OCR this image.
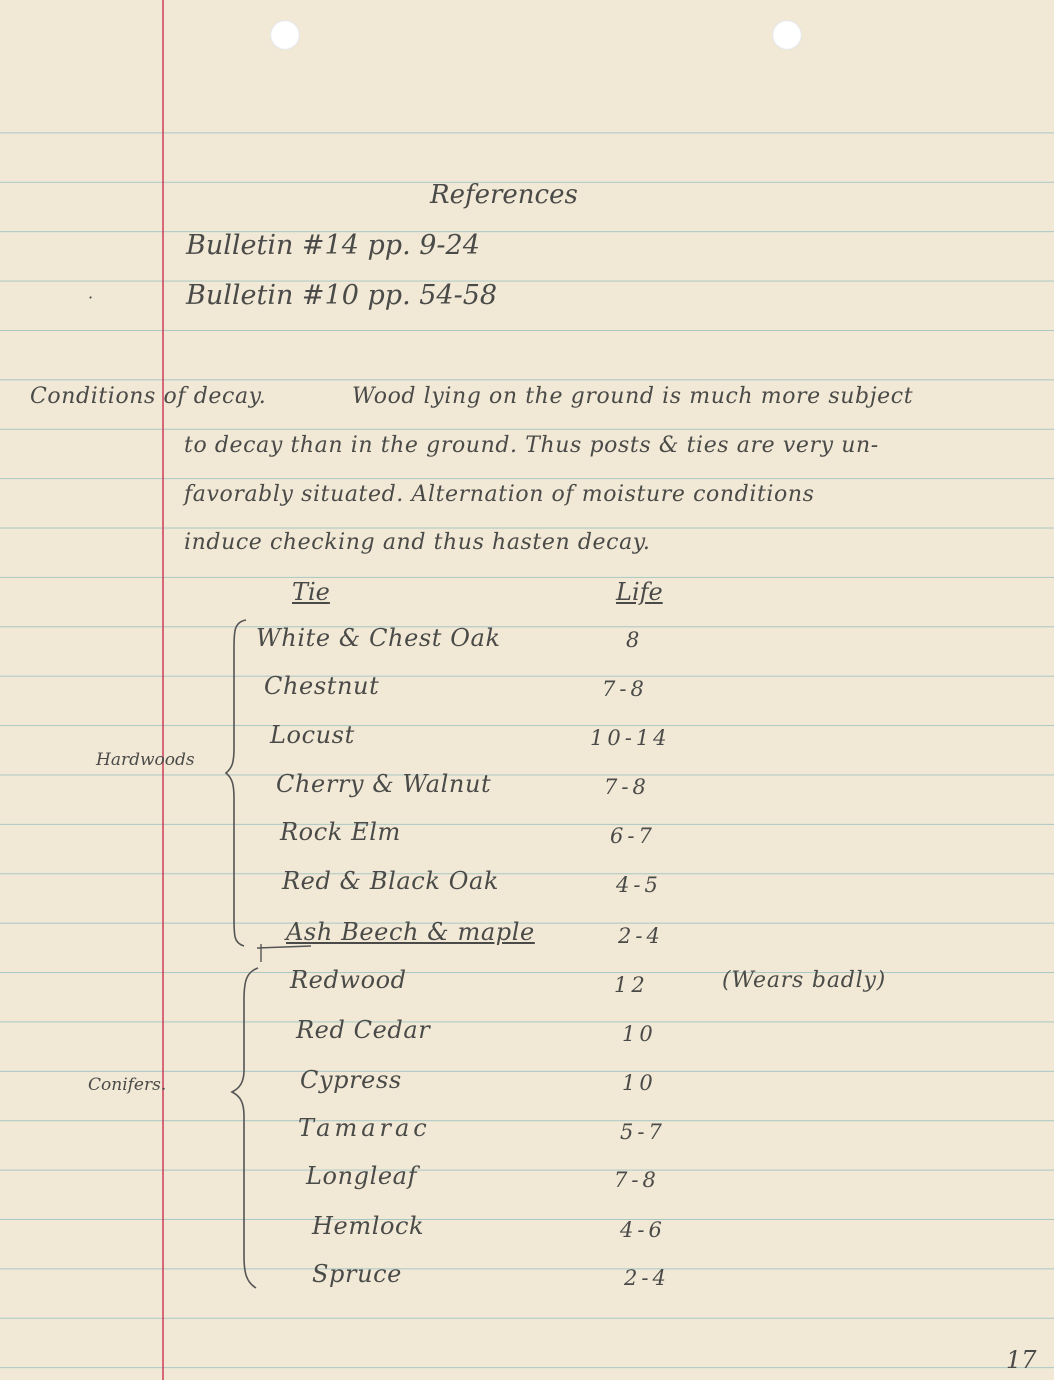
References
Bulletin #14 pp. 9-24
Bulletin #10 pp. 54-58
·
Conditions of decay.	Wood lying on the ground is much more subject
to decay than in the ground. Thus posts & ties are very un-
favorably situated. Alternation of moisture conditions
induce checking and thus hasten decay.
Tie	Life
Hardwoods
White & Chest Oak	8
Chestnut	7-8
Locust	10-14
Cherry & Walnut	7-8
Rock Elm	6-7
Red & Black Oak	4-5
Ash Beech & maple	2-4
Conifers.
Redwood	12	(Wears badly)
Red Cedar	10
Cypress	10
Tamarac	5-7
Longleaf	7-8
Hemlock	4-6
Spruce	2-4
17
